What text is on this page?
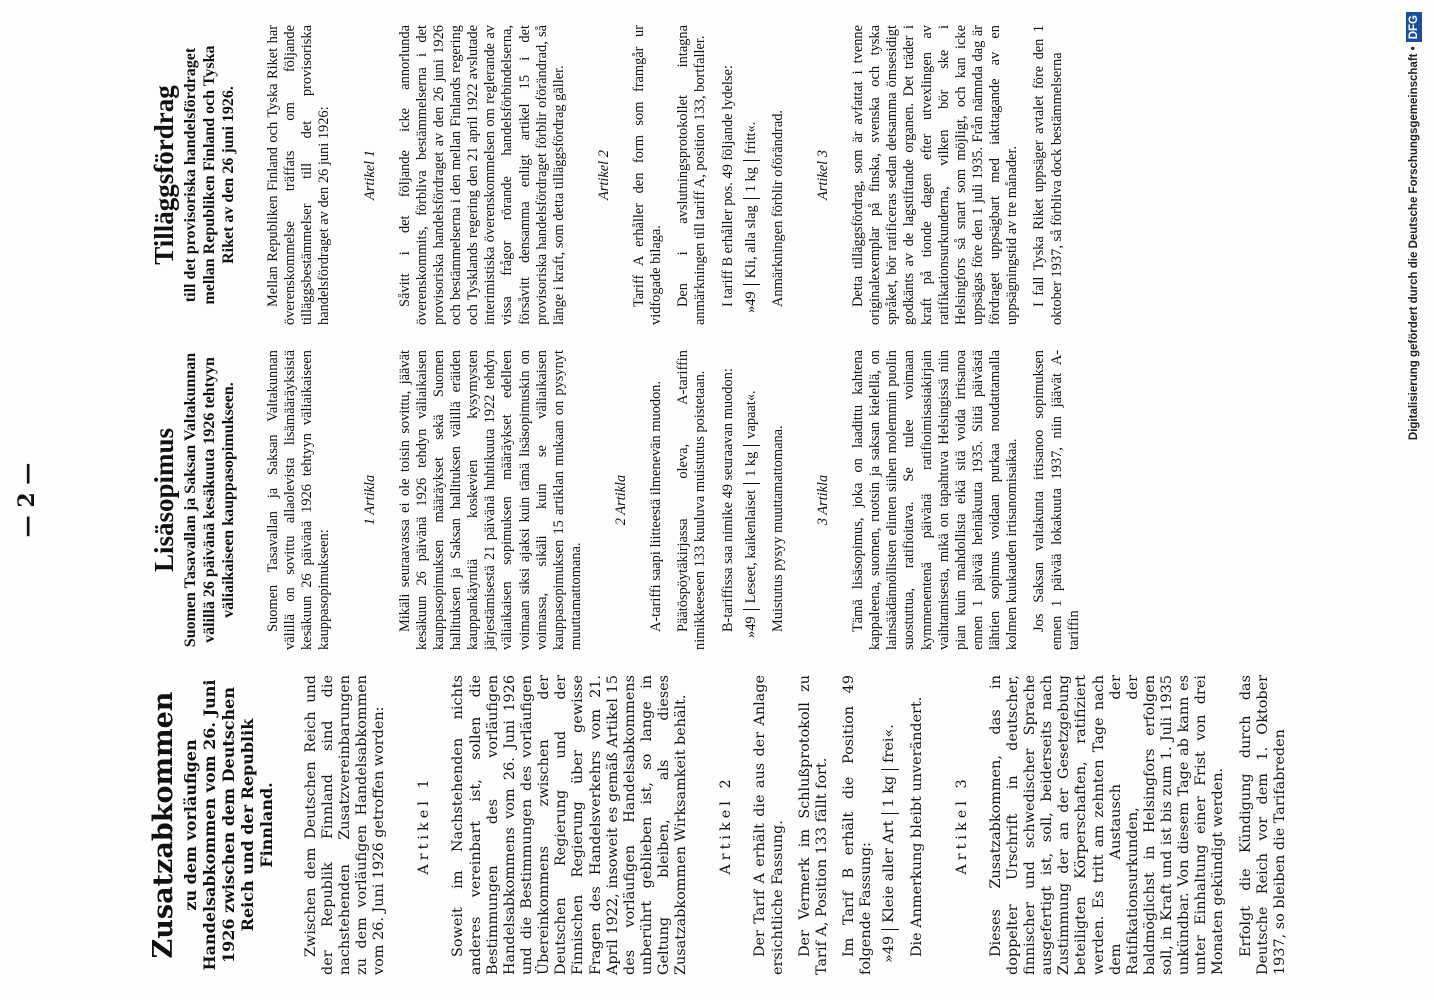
— 2 —
Zusatzabkommen zu dem vorläufigen Handelsabkommen vom 26. Juni 1926 zwischen dem Deutschen Reich und der Republik Finnland. Zwischen dem Deutschen Reich und der Republik Finnland sind die nachstehenden Zusatzvereinbarungen zu dem vorläufigen Handelsabkommen vom 26. Juni 1926 getroffen worden: Artikel 1 Soweit im Nachstehenden nichts anderes vereinbart ist, sollen die Bestimmungen des vorläufigen Handelsabkommens vom 26. Juni 1926 und die Bestimmungen des vorläufigen Übereinkommens zwischen der Deutschen Regierung und der Finnischen Regierung über gewisse Fragen des Handelsverkehrs vom 21. April 1922, insoweit es gemäß Artikel 15 des vorläufigen Handelsabkommens unberührt geblieben ist, so lange in Geltung bleiben, als dieses Zusatzabkommen Wirksamkeit behält. Artikel 2 Der Tarif A erhält die aus der Anlage ersichtliche Fassung. Der Vermerk im Schlußprotokoll zu Tarif A, Position 133 fällt fort. Im Tarif B erhält die Position 49 folgende Fassung: »49	Kleie aller Art	1 kg	frei«. Die Anmerkung bleibt unverändert. Artikel 3 Dieses Zusatzabkommen, das in doppelter Urschrift in deutscher, finnischer und schwedischer Sprache ausgefertigt ist, soll, beiderseits nach Zustimmung der an der Gesetzgebung beteiligten Körperschaften, ratifiziert werden. Es tritt am zehnten Tage nach dem Austausch der Ratifikationsurkunden, der baldmöglichst in Helsingfors erfolgen soll, in Kraft und ist bis zum 1. Juli 1935 unkündbar. Von diesem Tage ab kann es unter Einhaltung einer Frist von drei Monaten gekündigt werden. Erfolgt die Kündigung durch das Deutsche Reich vor dem 1. Oktober 1937, so bleiben die Tarifabreden

Lisäsopimus Suomen Tasavallan ja Saksan Valtakunnan välillä 26 päivänä kesäkuuta 1926 tehtyyn väliaikaiseen kauppasopimukseen. Suomen Tasavallan ja Saksan Valtakunnan välillä on sovittu allaolevista lisämääräyksistä kesäkuun 26 päivänä 1926 tehtyyn väliaikaiseen kauppasopimukseen:

1 Artikla Mikäli seuraavassa ei ole toisin sovittu, jäävät kesäkuun 26 päivänä 1926 tehdyn väliaikaisen kauppasopimuksen määräykset sekä Suomen hallituksen ja Saksan hallituksen välillä eräiden kauppankäyntiä koskevien kysymysten järjestämisestä 21 päivänä huhtikuuta 1922 tehdyn väliaikaisen sopimuksen määräykset edelleen voimaan siksi ajaksi kuin tämä lisäsopimuskin on voimassa, sikäli kuin se väliaikaisen kauppasopimuksen 15 artiklan mukaan on pysynyt muuttamattomana.

2 Artikla A-tariffi saapi liitteestä ilmenevän muodon. Päätöspöytäkirjassa oleva, A-tariffin nimikkeeseen 133 kuuluva muistutus poistetaan. B-tariffissa saa nimike 49 seuraavan muodon: »49	Leseet, kaikenlaiset	1 kg	vapaat«.

Muistutus pysyy muuttamattomana. 3 Artikla Tämä lisäsopimus, joka on laadittu kahtena kappaleena, suomen, ruotsin ja saksan kielellä, on lainsäädännöllisten elinten siihen molemmin puolin suostuttua, ratifioitava. Se tulee voimaan kymmenentenä päivänä ratifioimisasiakirjain vaihtamisesta, mikä on tapahtuva Helsingissä niin pian kuin mahdollista eikä sitä voida irtisanoa ennen 1 päivää heinäkuuta 1935. Siitä päivästä lähtien sopimus voidaan purkaa noudattamalla kolmen kuukauden irtisanomisaikaa. Jos Saksan valtakunta irtisanoo sopimuksen ennen 1 päivää lokakuuta 1937, niin jäävät A-tariffin

Tilläggsfördrag till det provisoriska handelsfördraget mellan Republiken Finland och Tyska Riket av den 26 juni 1926. Mellan Republiken Finland och Tyska Riket har överenskommelse träffats om följande tilläggsbestämmelser till det provisoriska handelsfördraget av den 26 juni 1926: Artikel 1 Såvitt i det följande icke annorlunda överenskommits, förbliva bestämmelserna i det provisoriska handelsfördraget av den 26 juni 1926 och bestämmelserna i den mellan Finlands regering och Tysklands regering den 21 april 1922 avslutade interimistiska överenskommelsen om reglerande av vissa frågor rörande handelsförbindelserna, försåvitt densamma enligt artikel 15 i det provisoriska handelsfördraget förblir oförändrad, så länge i kraft, som detta tilläggsfördrag gäller. Artikel 2 Tariff A erhåller den form som framgår ur vidfogade bilaga. Den i avslutningsprotokollet intagna anmärkningen till tariff A, position 133, bortfaller. I tariff B erhåller pos. 49 följande lydelse: »49	Kli, alla slag	1 kg	fritt«. Anmärkningen förblir oförändrad. Artikel 3 Detta tilläggsfördrag, som är avfattat i tvenne originalexemplar på finska, svenska och tyska språket, bör ratificeras sedan detsamma ömsesidigt godkänts av de lagstiftande organen. Det träder i kraft på tionde dagen efter utvexlingen av ratifikationsurkunderna, vilken bör ske i Helsingfors så snart som möjligt, och kan icke uppsägas före den 1 juli 1935. Från nämnda dag är fördraget uppsägbart med iakttagande av en uppsägningstid av tre månader. I fall Tyska Riket uppsäger avtalet före den 1 oktober 1937, så förbliva dock bestämmelserna	Digitalisierung gefördert durch die Deutsche Forschungsgemeinschaft •DFG
